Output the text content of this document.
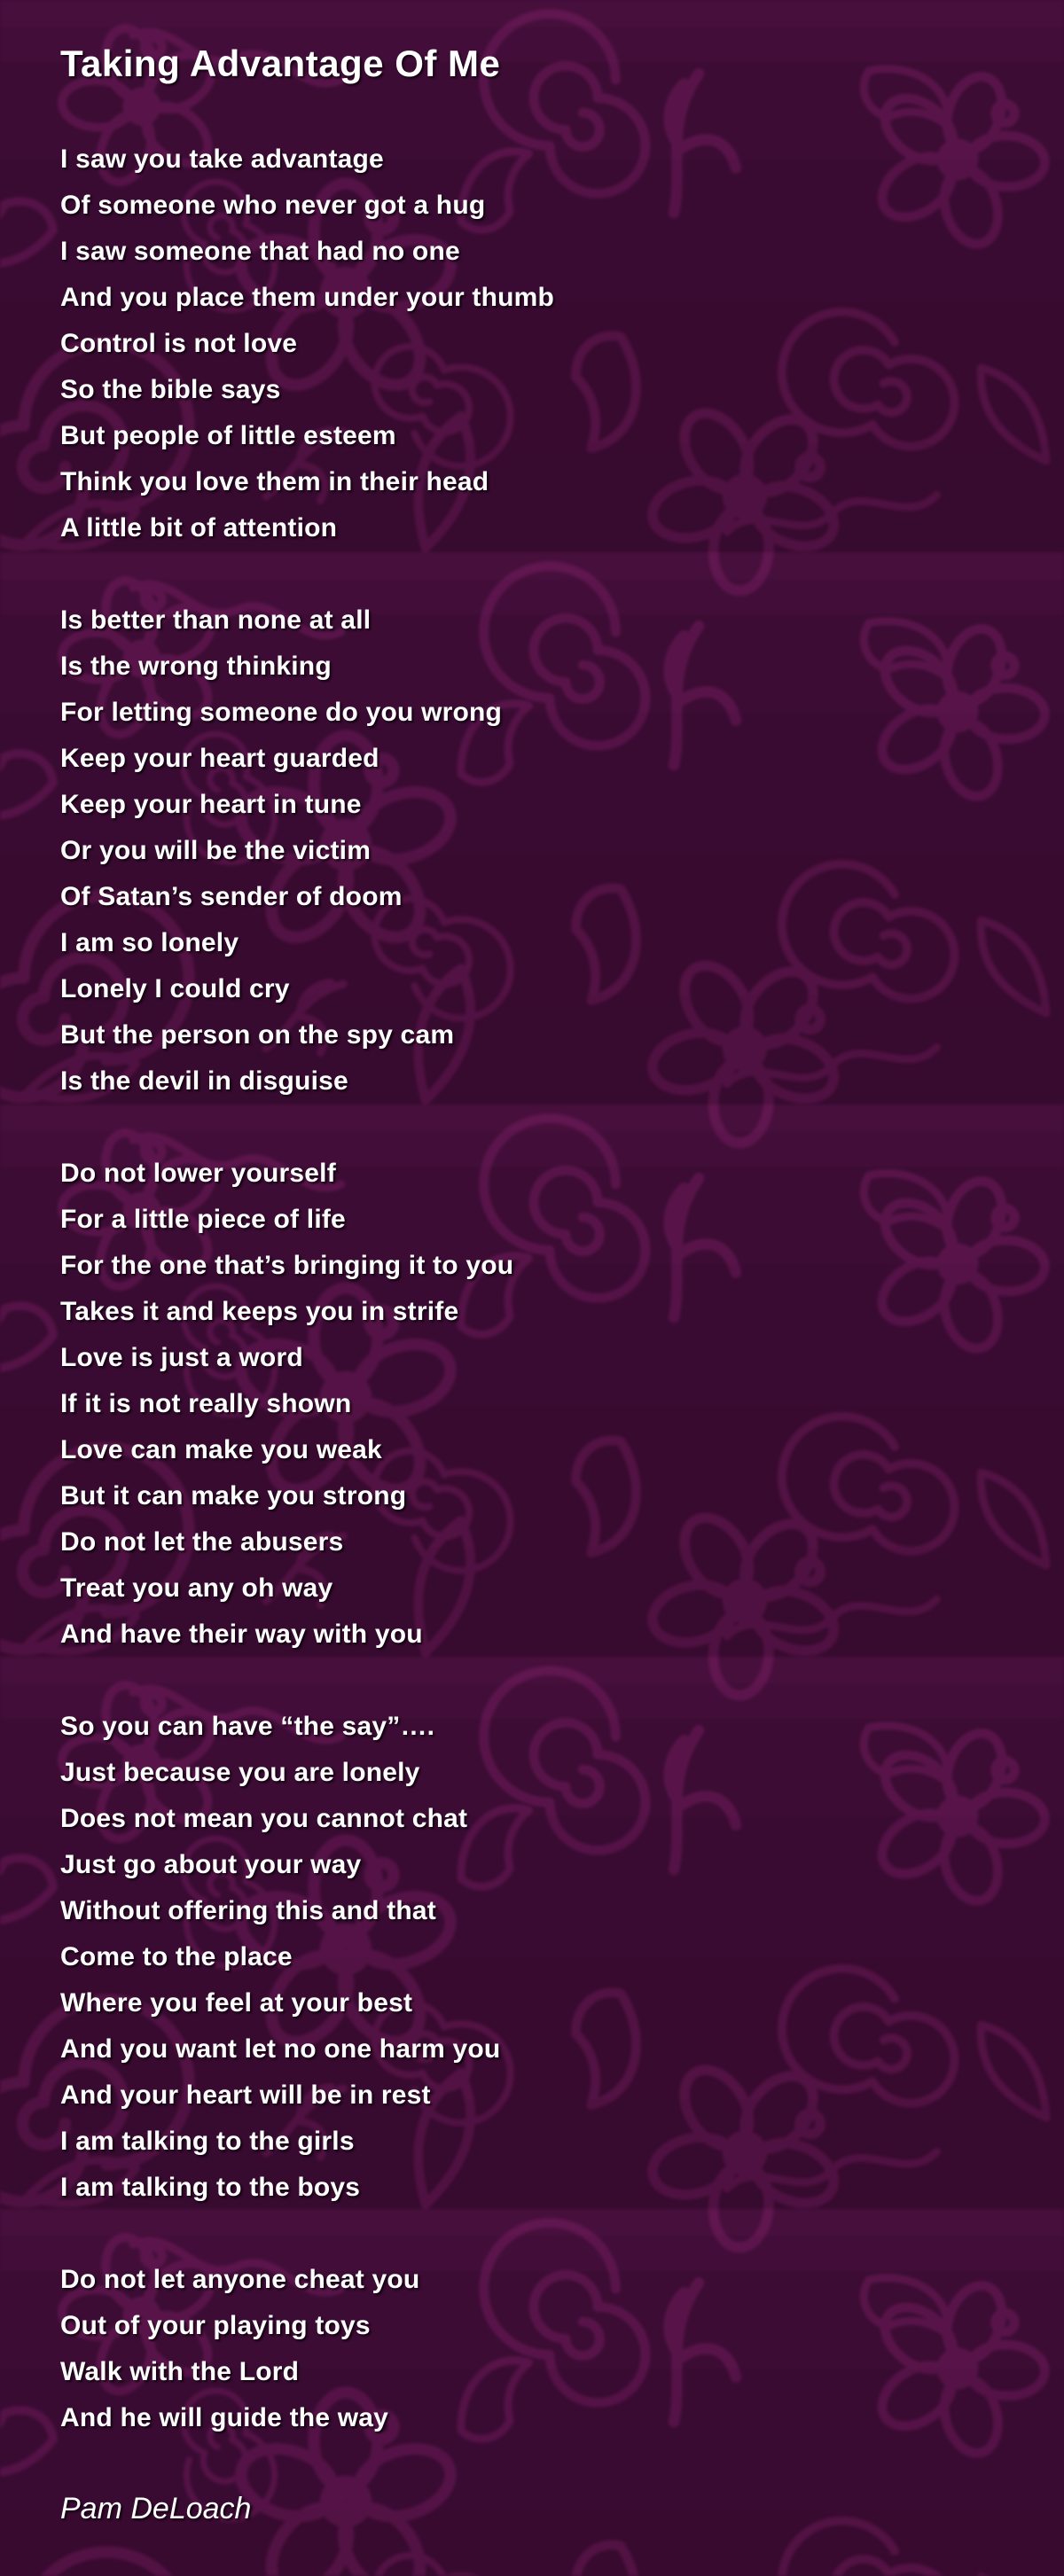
Taking Advantage Of Me

I saw you take advantage

Of someone who never got a hug

I saw someone that had no one

And you place them under your thumb

Control is not love

So the bible says

But people of little esteem

Think you love them in their head

A little bit of attention

Is better than none at all

Is the wrong thinking

For letting someone do you wrong

Keep your heart guarded

Keep your heart in tune

Or you will be the victim

Of Satan’s sender of doom

I am so lonely

Lonely I could cry

But the person on the spy cam

Is the devil in disguise

Do not lower yourself

For a little piece of life

For the one that’s bringing it to you

Takes it and keeps you in strife

Love is just a word

If it is not really shown

Love can make you weak

But it can make you strong

Do not let the abusers

Treat you any oh way

And have their way with you

So you can have “the say”….

Just because you are lonely

Does not mean you cannot chat

Just go about your way

Without offering this and that

Come to the place

Where you feel at your best

And you want let no one harm you

And your heart will be in rest

I am talking to the girls

I am talking to the boys

Do not let anyone cheat you

Out of your playing toys

Walk with the Lord

And he will guide the way

Pam DeLoach
